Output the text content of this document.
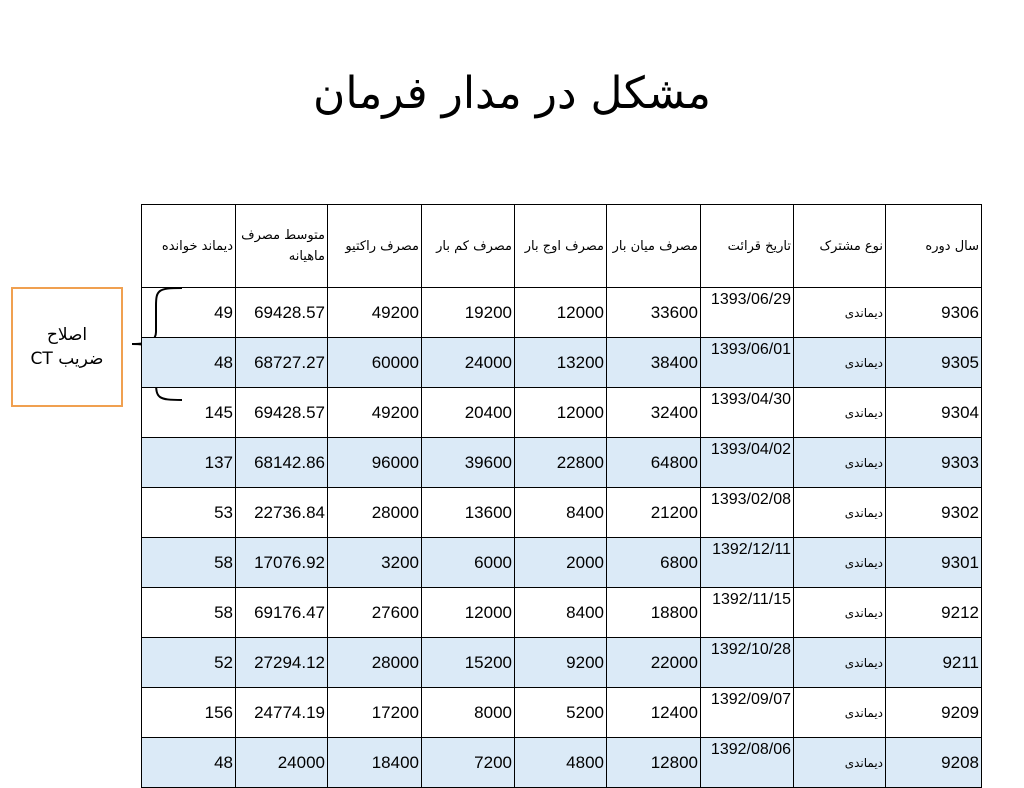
مشکل در مدار فرمان
اصلاح
ضریب CT
دیماند خوانده	متوسط مصرف ماهیانه	مصرف راکتیو	مصرف کم بار	مصرف اوج بار	مصرف میان بار	تاریخ قرائت	نوع مشترک	سال دوره
49	69428.57	49200	19200	12000	33600	1393/06/29	دیماندی	9306
48	68727.27	60000	24000	13200	38400	1393/06/01	دیماندی	9305
145	69428.57	49200	20400	12000	32400	1393/04/30	دیماندی	9304
137	68142.86	96000	39600	22800	64800	1393/04/02	دیماندی	9303
53	22736.84	28000	13600	8400	21200	1393/02/08	دیماندی	9302
58	17076.92	3200	6000	2000	6800	1392/12/11	دیماندی	9301
58	69176.47	27600	12000	8400	18800	1392/11/15	دیماندی	9212
52	27294.12	28000	15200	9200	22000	1392/10/28	دیماندی	9211
156	24774.19	17200	8000	5200	12400	1392/09/07	دیماندی	9209
48	24000	18400	7200	4800	12800	1392/08/06	دیماندی	9208
